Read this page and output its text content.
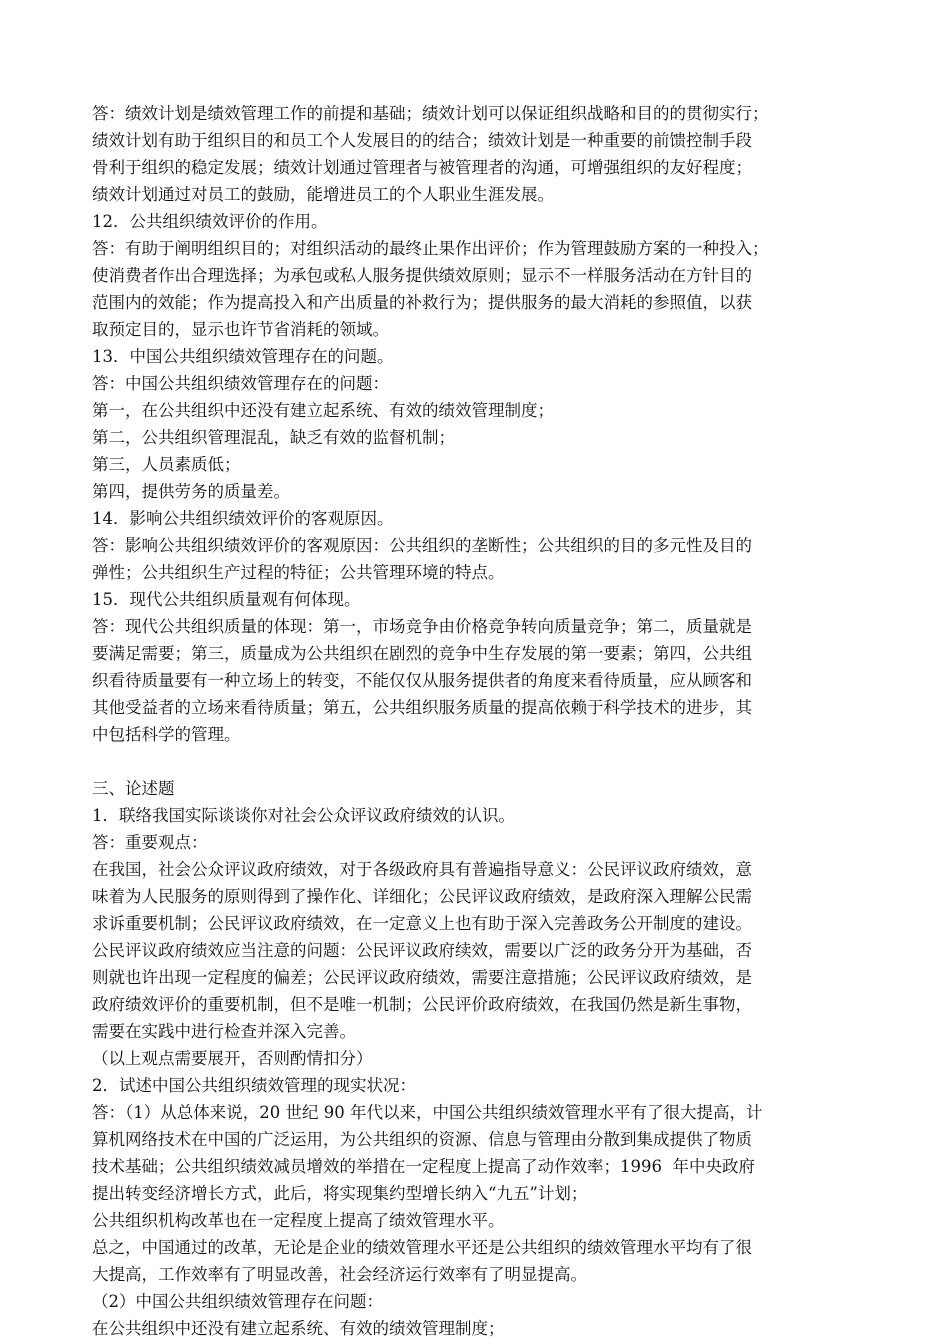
答：绩效计划是绩效管理工作的前提和基础；绩效计划可以保证组织战略和目的的贯彻实行；
绩效计划有助于组织目的和员工个人发展目的的结合；绩效计划是一种重要的前馈控制手段
骨利于组织的稳定发展；绩效计划通过管理者与被管理者的沟通，可增强组织的友好程度；
绩效计划通过对员工的鼓励，能增进员工的个人职业生涯发展。
12．公共组织绩效评价的作用。
答：有助于阐明组织目的；对组织活动的最终止果作出评价；作为管理鼓励方案的一种投入；
使消费者作出合理选择；为承包或私人服务提供绩效原则；显示不一样服务活动在方针目的
范围内的效能；作为提高投入和产出质量的补救行为；提供服务的最大消耗的参照值，以获
取预定目的，显示也许节省消耗的领域。
13．中国公共组织绩效管理存在的问题。
答：中国公共组织绩效管理存在的问题：
第一，在公共组织中还没有建立起系统、有效的绩效管理制度；
第二，公共组织管理混乱，缺乏有效的监督机制；
第三，人员素质低；
第四，提供劳务的质量差。
14．影响公共组织绩效评价的客观原因。
答：影响公共组织绩效评价的客观原因：公共组织的垄断性；公共组织的目的多元性及目的
弹性；公共组织生产过程的特征；公共管理环境的特点。
15．现代公共组织质量观有何体现。
答：现代公共组织质量的体现：第一，市场竞争由价格竞争转向质量竞争；第二，质量就是
要满足需要；第三，质量成为公共组织在剧烈的竞争中生存发展的第一要素；第四，公共组
织看待质量要有一种立场上的转变，不能仅仅从服务提供者的角度来看待质量，应从顾客和
其他受益者的立场来看待质量；第五，公共组织服务质量的提高依赖于科学技术的进步，其
中包括科学的管理。
三、论述题
1．联络我国实际谈谈你对社会公众评议政府绩效的认识。
答：重要观点：
在我国，社会公众评议政府绩效，对于各级政府具有普遍指导意义：公民评议政府绩效，意
味着为人民服务的原则得到了操作化、详细化；公民评议政府绩效，是政府深入理解公民需
求诉重要机制；公民评议政府绩效，在一定意义上也有助于深入完善政务公开制度的建设。
公民评议政府绩效应当注意的问题：公民评议政府续效，需要以广泛的政务分开为基础，否
则就也许出现一定程度的偏差；公民评议政府绩效，需要注意措施；公民评议政府绩效，是
政府绩效评价的重要机制，但不是唯一机制；公民评价政府绩效，在我国仍然是新生事物，
需要在实践中进行检查并深入完善。
（以上观点需要展开，否则酌情扣分）
2．试述中国公共组织绩效管理的现实状况：
答：（1）从总体来说，20 世纪 90 年代以来，中国公共组织绩效管理水平有了很大提高，计
算机网络技术在中国的广泛运用，为公共组织的资源、信息与管理由分散到集成提供了物质
技术基础；公共组织绩效减员增效的举措在一定程度上提高了动作效率；1996  年中央政府
提出转变经济增长方式，此后，将实现集约型增长纳入“九五”计划；
公共组织机构改革也在一定程度上提高了绩效管理水平。
总之，中国通过的改革，无论是企业的绩效管理水平还是公共组织的绩效管理水平均有了很
大提高，工作效率有了明显改善，社会经济运行效率有了明显提高。
（2）中国公共组织绩效管理存在问题：
在公共组织中还没有建立起系统、有效的绩效管理制度；
